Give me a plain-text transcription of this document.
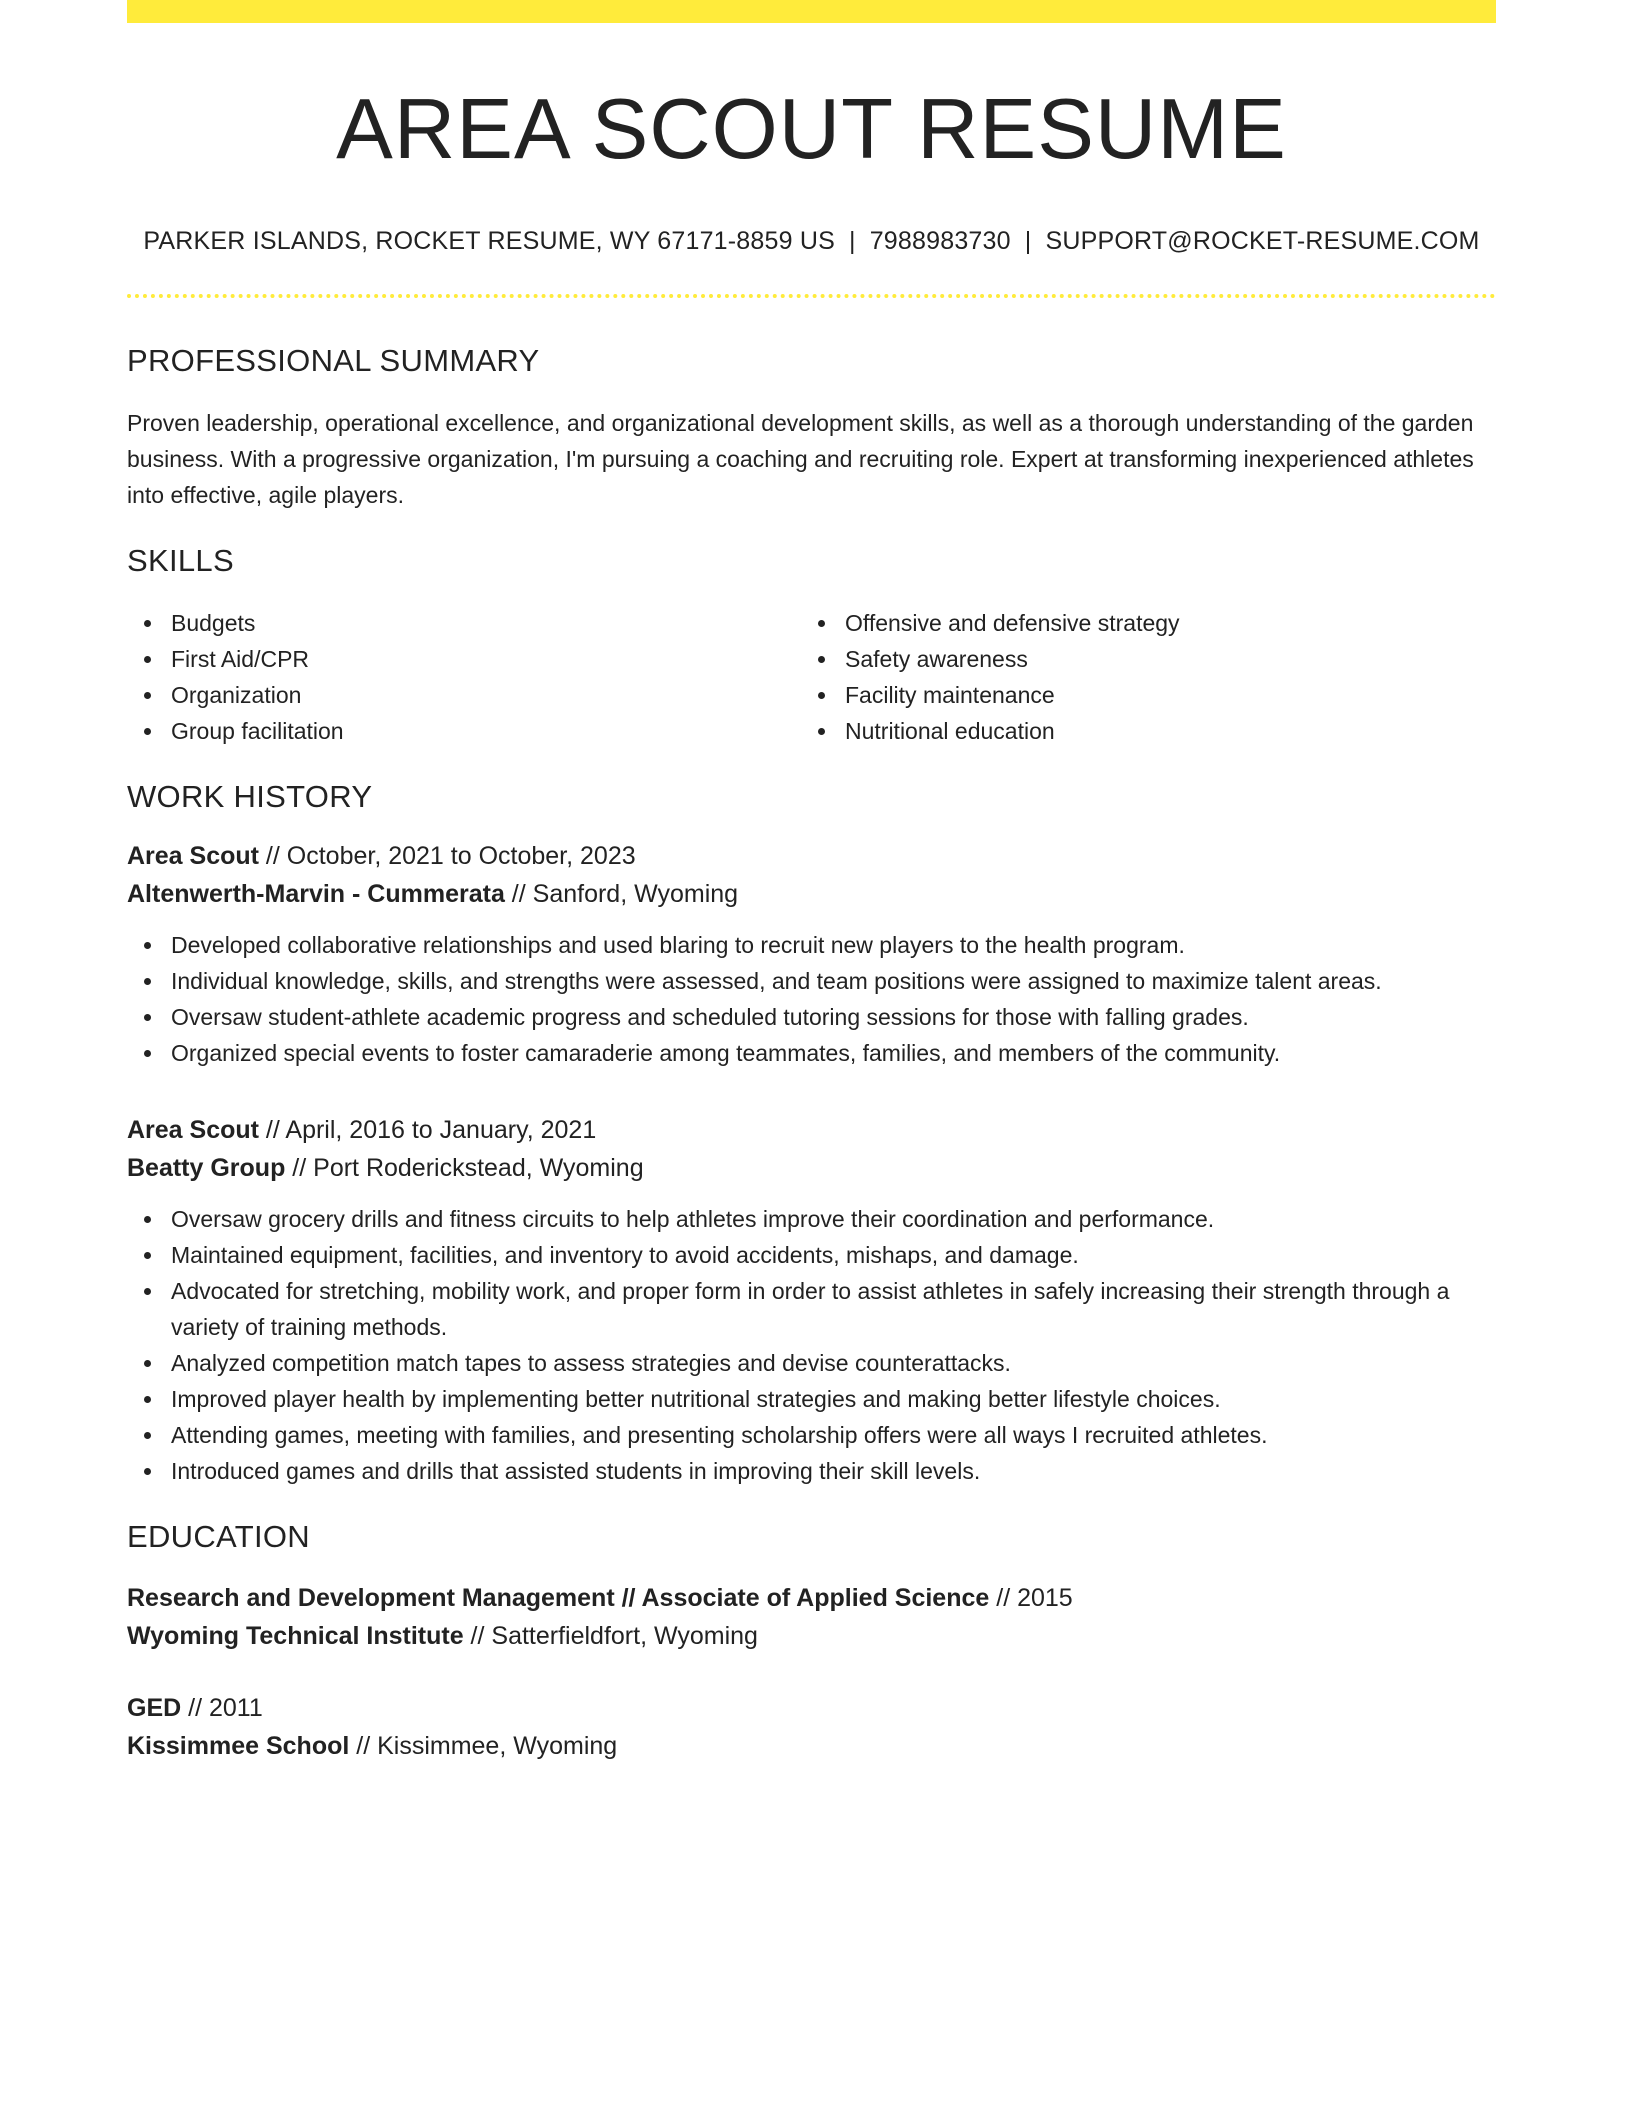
AREA SCOUT RESUME
PARKER ISLANDS, ROCKET RESUME, WY 67171-8859 US | 7988983730 | SUPPORT@ROCKET-RESUME.COM
PROFESSIONAL SUMMARY

Proven leadership, operational excellence, and organizational development skills, as well as a thorough understanding of the garden business. With a progressive organization, I'm pursuing a coaching and recruiting role. Expert at transforming inexperienced athletes into effective, agile players.

SKILLS
Budgets
First Aid/CPR
Organization
Group facilitation
Offensive and defensive strategy
Safety awareness
Facility maintenance
Nutritional education
WORK HISTORY
Area Scout // October, 2021 to October, 2023
Altenwerth-Marvin - Cummerata // Sanford, Wyoming
Developed collaborative relationships and used blaring to recruit new players to the health program.
Individual knowledge, skills, and strengths were assessed, and team positions were assigned to maximize talent areas.
Oversaw student-athlete academic progress and scheduled tutoring sessions for those with falling grades.
Organized special events to foster camaraderie among teammates, families, and members of the community.
Area Scout // April, 2016 to January, 2021
Beatty Group // Port Roderickstead, Wyoming
Oversaw grocery drills and fitness circuits to help athletes improve their coordination and performance.
Maintained equipment, facilities, and inventory to avoid accidents, mishaps, and damage.
Advocated for stretching, mobility work, and proper form in order to assist athletes in safely increasing their strength through a variety of training methods.
Analyzed competition match tapes to assess strategies and devise counterattacks.
Improved player health by implementing better nutritional strategies and making better lifestyle choices.
Attending games, meeting with families, and presenting scholarship offers were all ways I recruited athletes.
Introduced games and drills that assisted students in improving their skill levels.
EDUCATION
Research and Development Management // Associate of Applied Science // 2015
Wyoming Technical Institute // Satterfieldfort, Wyoming
GED // 2011
Kissimmee School // Kissimmee, Wyoming
